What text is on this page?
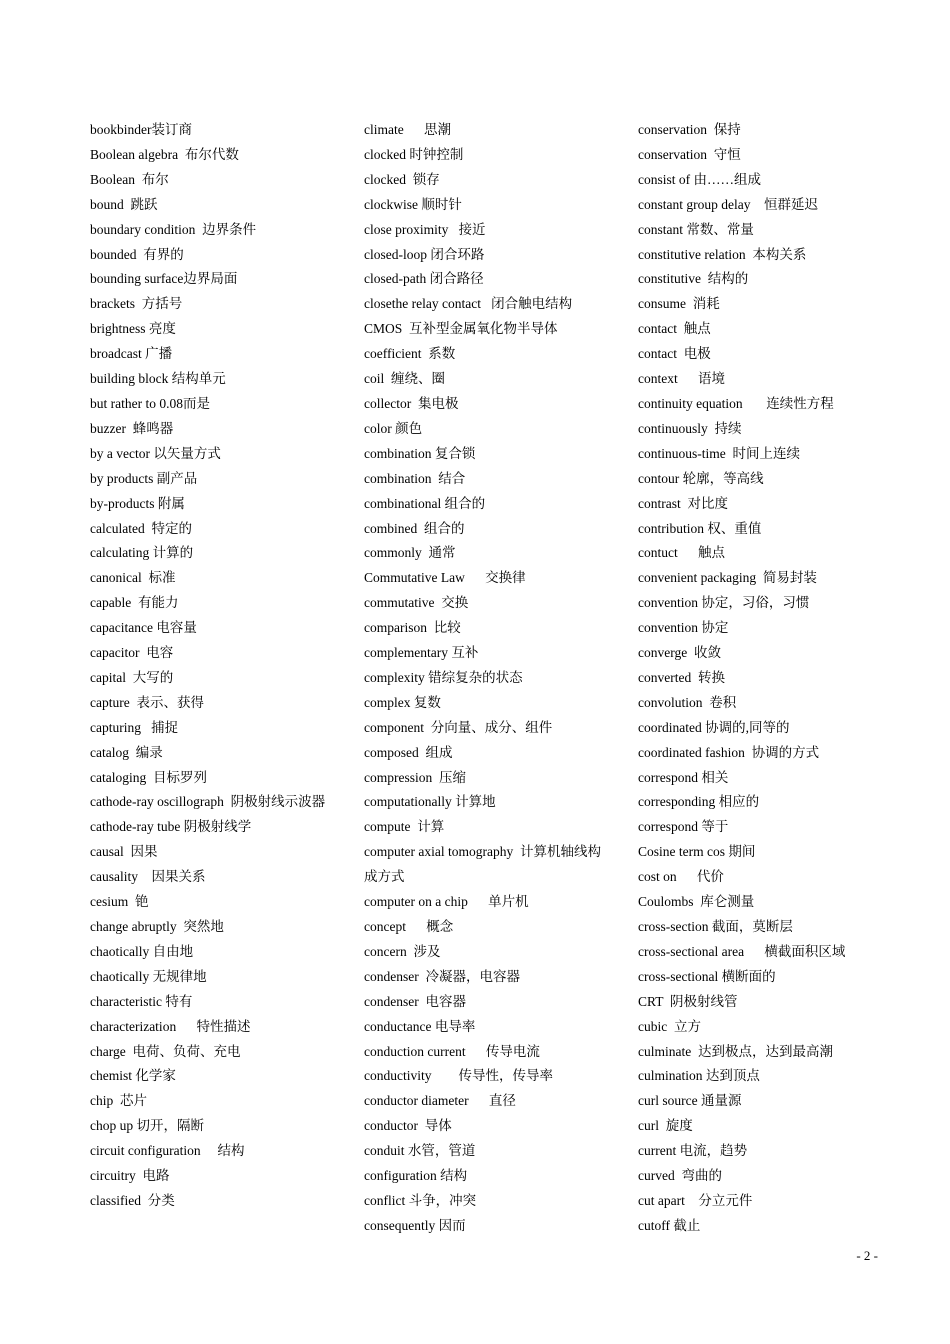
bookbinder装订商
Boolean algebra  布尔代数
Boolean  布尔
bound  跳跃
boundary condition  边界条件
bounded  有界的
bounding surface边界局面
brackets  方括号
brightness 亮度
broadcast 广播
building block 结构单元
but rather to 0.08而是
buzzer  蜂鸣器
by a vector 以矢量方式
by products 副产品
by-products 附属
calculated  特定的
calculating 计算的
canonical  标准
capable  有能力
capacitance 电容量
capacitor  电容
capital  大写的
capture  表示、获得
capturing   捕捉
catalog  编录
cataloging  目标罗列
cathode-ray oscillograph  阴极射线示波器
cathode-ray tube 阴极射线学
causal  因果
causality    因果关系
cesium  铯
change abruptly  突然地
chaotically 自由地
chaotically 无规律地
characteristic 特有
characterization      特性描述
charge  电荷、负荷、充电
chemist 化学家
chip  芯片
chop up 切开，隔断
circuit configuration     结构
circuitry  电路
classified  分类
climate      思潮
clocked 时钟控制
clocked  锁存
clockwise 顺时针
close proximity   接近
closed-loop 闭合环路
closed-path 闭合路径
closethe relay contact   闭合触电结构
CMOS  互补型金属氧化物半导体
coefficient  系数
coil  缠绕、圈
collector  集电极
color 颜色
combination 复合锁
combination  结合
combinational 组合的
combined  组合的
commonly  通常
Commutative Law      交换律
commutative  交换
comparison  比较
complementary 互补
complexity 错综复杂的状态
complex 复数
component  分向量、成分、组件
composed  组成
compression  压缩
computationally 计算地
compute  计算
computer axial tomography  计算机轴线构成方式
computer on a chip      单片机
concept      概念
concern  涉及
condenser  冷凝器，电容器
condenser  电容器
conductance 电导率
conduction current      传导电流
conductivity        传导性，传导率
conductor diameter      直径
conductor  导体
conduit 水管，管道
configuration 结构
conflict 斗争，冲突
consequently 因而
conservation  保持
conservation  守恒
consist of 由……组成
constant group delay    恒群延迟
constant 常数、常量
constitutive relation  本构关系
constitutive  结构的
consume  消耗
contact  触点
contact  电极
context      语境
continuity equation       连续性方程
continuously  持续
continuous-time  时间上连续
contour 轮廓，等高线
contrast  对比度
contribution 权、重值
contuct      触点
convenient packaging  简易封装
convention 协定，习俗，习惯
convention 协定
converge  收敛
converted  转换
convolution  卷积
coordinated 协调的,同等的
coordinated fashion  协调的方式
correspond 相关
corresponding 相应的
correspond 等于
Cosine term cos 期间
cost on      代价
Coulombs  库仑测量
cross-section 截面，莫断层
cross-sectional area      横截面积区域
cross-sectional 横断面的
CRT  阴极射线管
cubic  立方
culminate  达到极点，达到最高潮
culmination 达到顶点
curl source 通量源
curl  旋度
current 电流，趋势
curved  弯曲的
cut apart    分立元件
cutoff 截止
- 2 -
